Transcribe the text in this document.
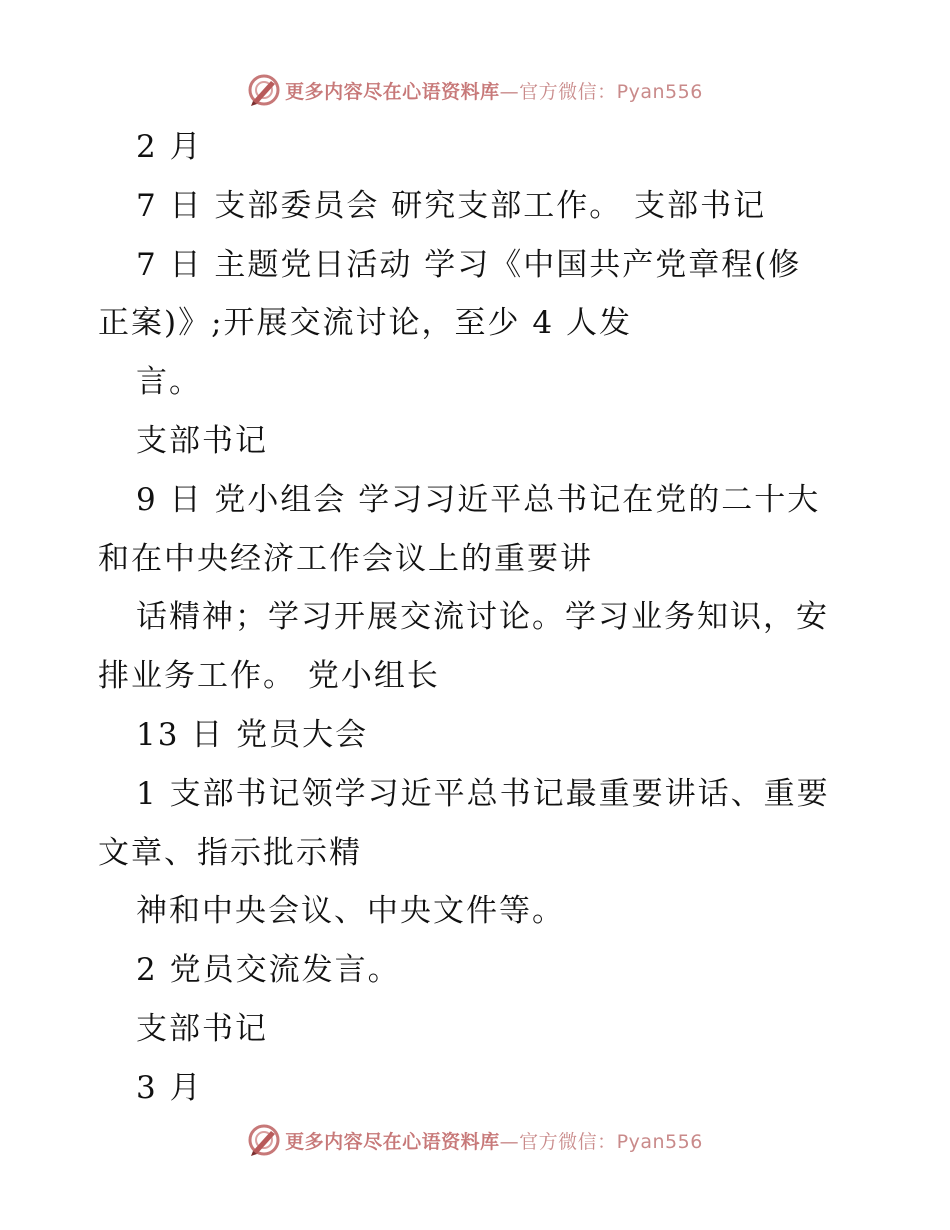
更多内容尽在心语资料库—官方微信：Pyan556
2 月
7 日 支部委员会 研究支部工作。 支部书记
7 日 主题党日活动 学习《中国共产党章程(修
正案)》;开展交流讨论，至少 4 人发
言。
支部书记
9 日 党小组会 学习习近平总书记在党的二十大
和在中央经济工作会议上的重要讲
话精神；学习开展交流讨论。学习业务知识，安
排业务工作。 党小组长
13 日 党员大会
1 支部书记领学习近平总书记最重要讲话、重要
文章、指示批示精
神和中央会议、中央文件等。
2 党员交流发言。
支部书记
3 月
更多内容尽在心语资料库—官方微信：Pyan556
